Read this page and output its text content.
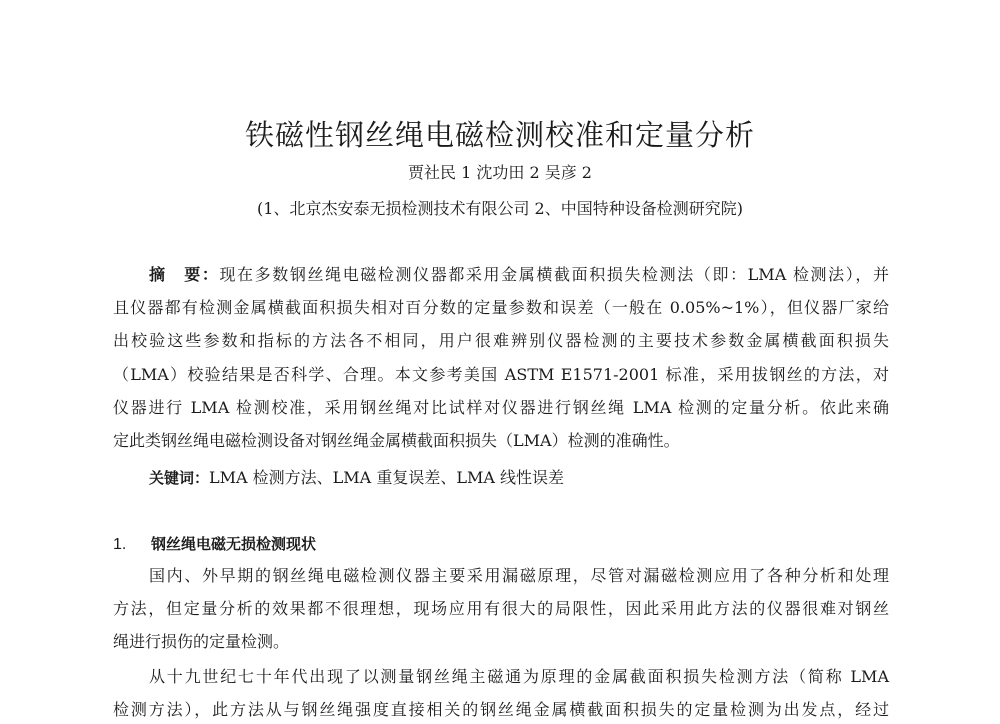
铁磁性钢丝绳电磁检测校准和定量分析
贾社民 1 沈功田 2 吴彦 2
(1、北京杰安泰无损检测技术有限公司 2、中国特种设备检测研究院)
摘　要：现在多数钢丝绳电磁检测仪器都采用金属横截面积损失检测法（即：LMA 检测法），并
且仪器都有检测金属横截面积损失相对百分数的定量参数和误差（一般在 0.05%~1%），但仪器厂家给
出校验这些参数和指标的方法各不相同，用户很难辨别仪器检测的主要技术参数金属横截面积损失
（LMA）校验结果是否科学、合理。本文参考美国 ASTM E1571-2001 标准，采用拔钢丝的方法，对
仪器进行 LMA 检测校准，采用钢丝绳对比试样对仪器进行钢丝绳 LMA 检测的定量分析。依此来确
定此类钢丝绳电磁检测设备对钢丝绳金属横截面积损失（LMA）检测的准确性。
关键词：LMA 检测方法、LMA 重复误差、LMA 线性误差
1. 钢丝绳电磁无损检测现状
国内、外早期的钢丝绳电磁检测仪器主要采用漏磁原理，尽管对漏磁检测应用了各种分析和处理
方法，但定量分析的效果都不很理想，现场应用有很大的局限性，因此采用此方法的仪器很难对钢丝
绳进行损伤的定量检测。
从十九世纪七十年代出现了以测量钢丝绳主磁通为原理的金属截面积损失检测方法（简称 LMA
检测方法），此方法从与钢丝绳强度直接相关的钢丝绳金属横截面积损失的定量检测为出发点，经过
